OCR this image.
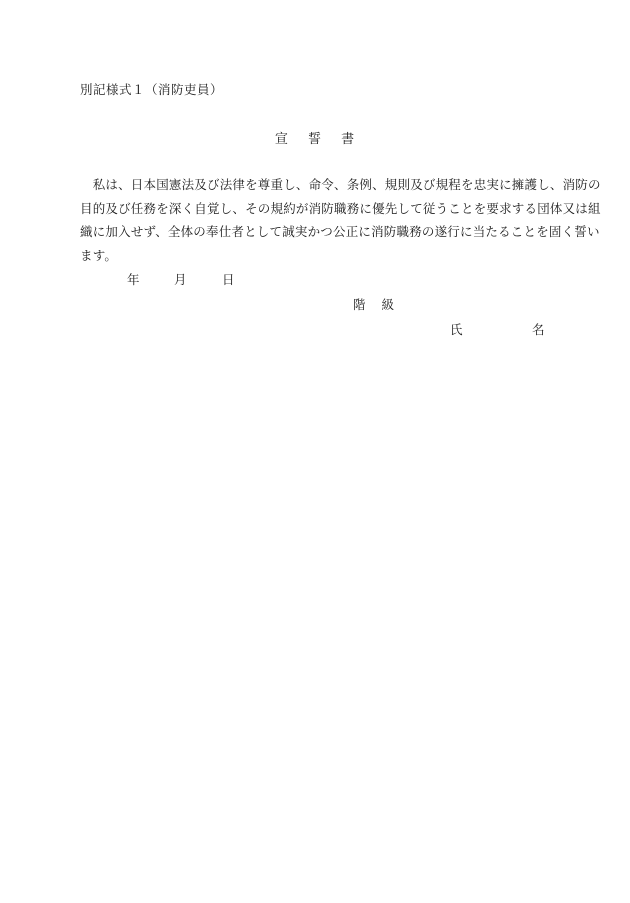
別記様式１（消防吏員）
宣 誓 書
　私は、日本国憲法及び法律を尊重し、命令、条例、規則及び規程を忠実に擁護し、消防の
目的及び任務を深く自覚し、その規約が消防職務に優先して従うことを要求する団体又は組
織に加入せず、全体の奉仕者として誠実かつ公正に消防職務の遂行に当たることを固く誓い
ます。
年	月	日
階 級
氏	名
